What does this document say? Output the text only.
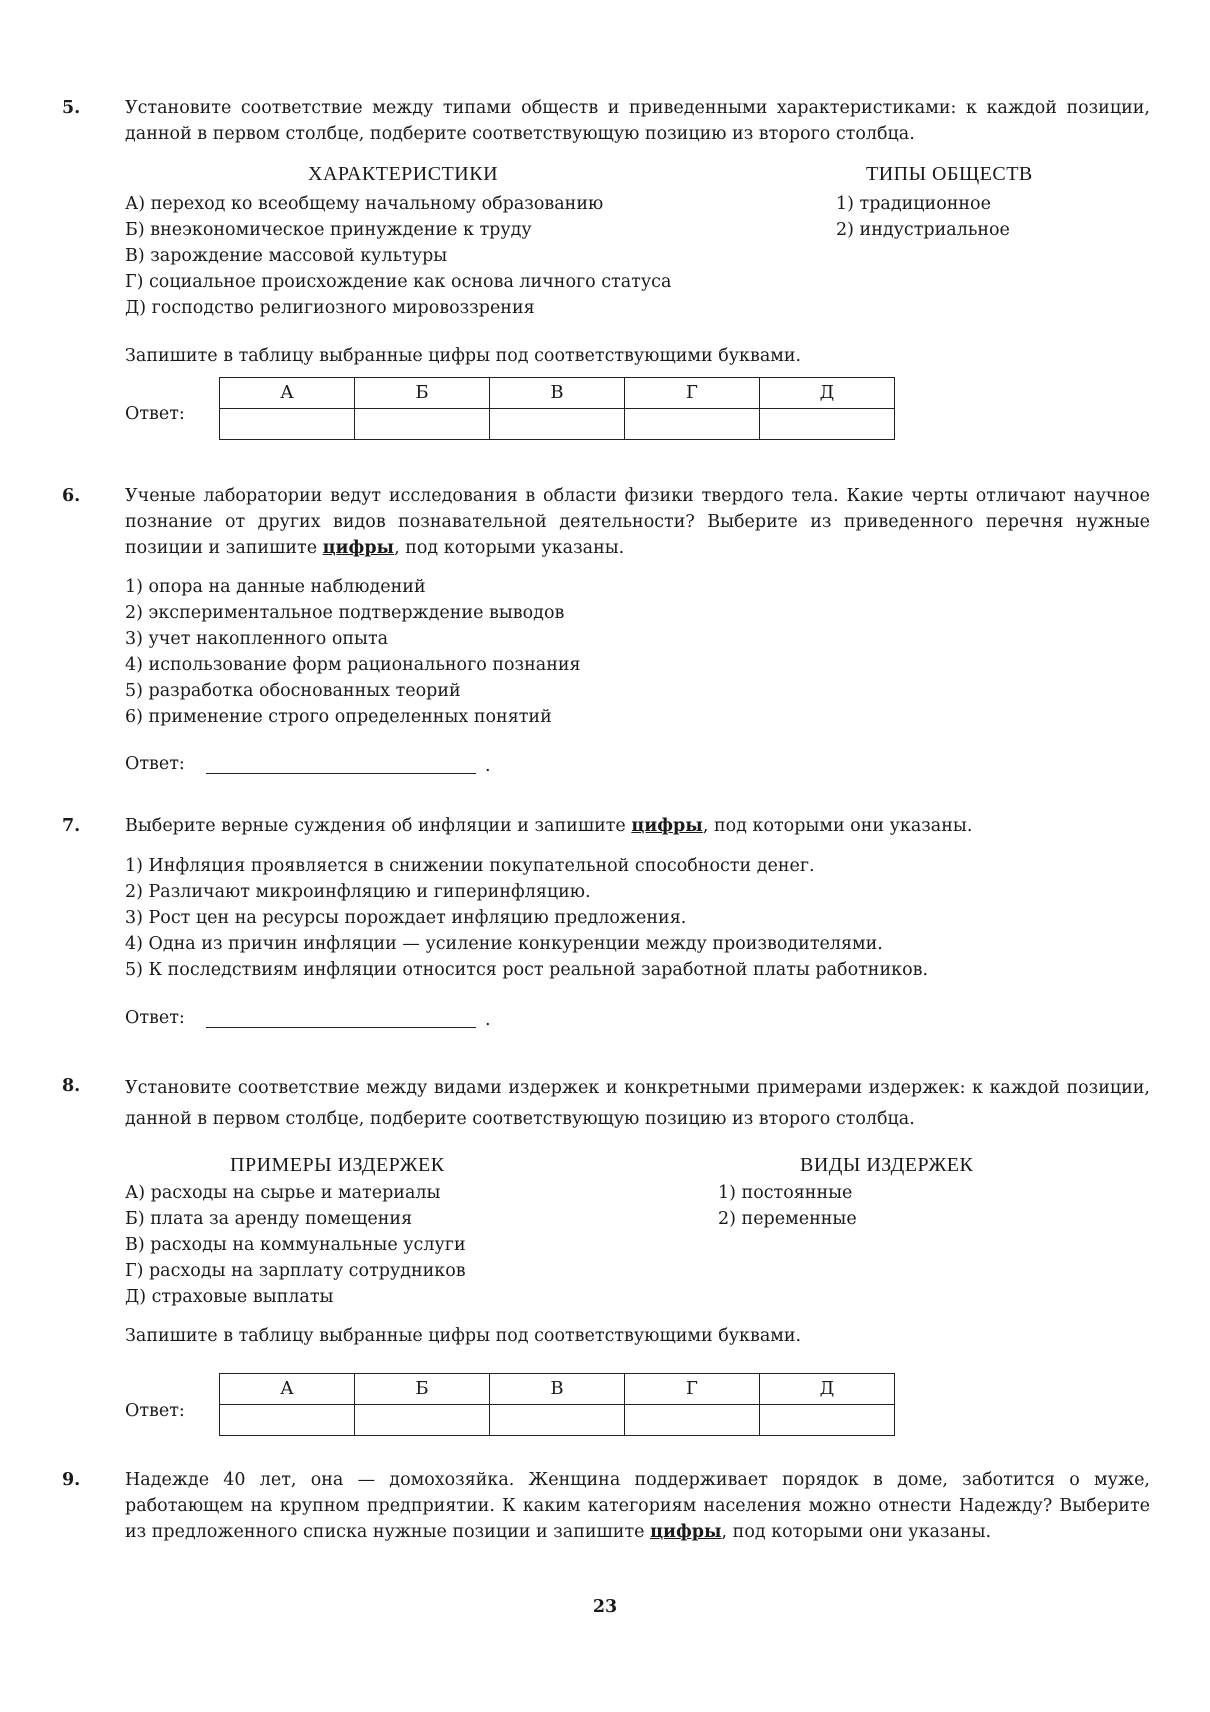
5.	Установите соответствие между типами обществ и приведенными характеристиками: к каждой позиции, данной в первом столбце, подберите соответствующую позицию из второго столбца.
ХАРАКТЕРИСТИКИ	ТИПЫ ОБЩЕСТВ
А) переход ко всеобщему начальному образованию
Б) внеэкономическое принуждение к труду
В) зарождение массовой культуры
Г) социальное происхождение как основа личного статуса
Д) господство религиозного мировоззрения
1) традиционное
2) индустриальное
Запишите в таблицу выбранные цифры под соответствующими буквами.
Ответ:
А	Б	В	Г	Д

6.	Ученые лаборатории ведут исследования в области физики твердого тела. Какие черты отличают научное познание от других видов познавательной деятельности? Выберите из приведенного перечня нужные позиции и запишите цифры, под которыми указаны.
1) опора на данные наблюдений
2) экспериментальное подтверждение выводов
3) учет накопленного опыта
4) использование форм рационального познания
5) разработка обоснованных теорий
6) применение строго определенных понятий
Ответ:	.
7.	Выберите верные суждения об инфляции и запишите цифры, под которыми они указаны.
1) Инфляция проявляется в снижении покупательной способности денег.
2) Различают микроинфляцию и гиперинфляцию.
3) Рост цен на ресурсы порождает инфляцию предложения.
4) Одна из причин инфляции — усиление конкуренции между производителями.
5) К последствиям инфляции относится рост реальной заработной платы работников.
Ответ:	.
8.	Установите соответствие между видами издержек и конкретными примерами издержек: к каждой позиции, данной в первом столбце, подберите соответствующую позицию из второго столбца.
ПРИМЕРЫ ИЗДЕРЖЕК	ВИДЫ ИЗДЕРЖЕК
А) расходы на сырье и материалы
Б) плата за аренду помещения
В) расходы на коммунальные услуги
Г) расходы на зарплату сотрудников
Д) страховые выплаты
1) постоянные
2) переменные
Запишите в таблицу выбранные цифры под соответствующими буквами.
Ответ:
А	Б	В	Г	Д

9.	Надежде 40 лет, она — домохозяйка. Женщина поддерживает порядок в доме, заботится о муже, работающем на крупном предприятии. К каким категориям населения можно отнести Надежду? Выберите из предложенного списка нужные позиции и запишите цифры, под которыми они указаны.
23
